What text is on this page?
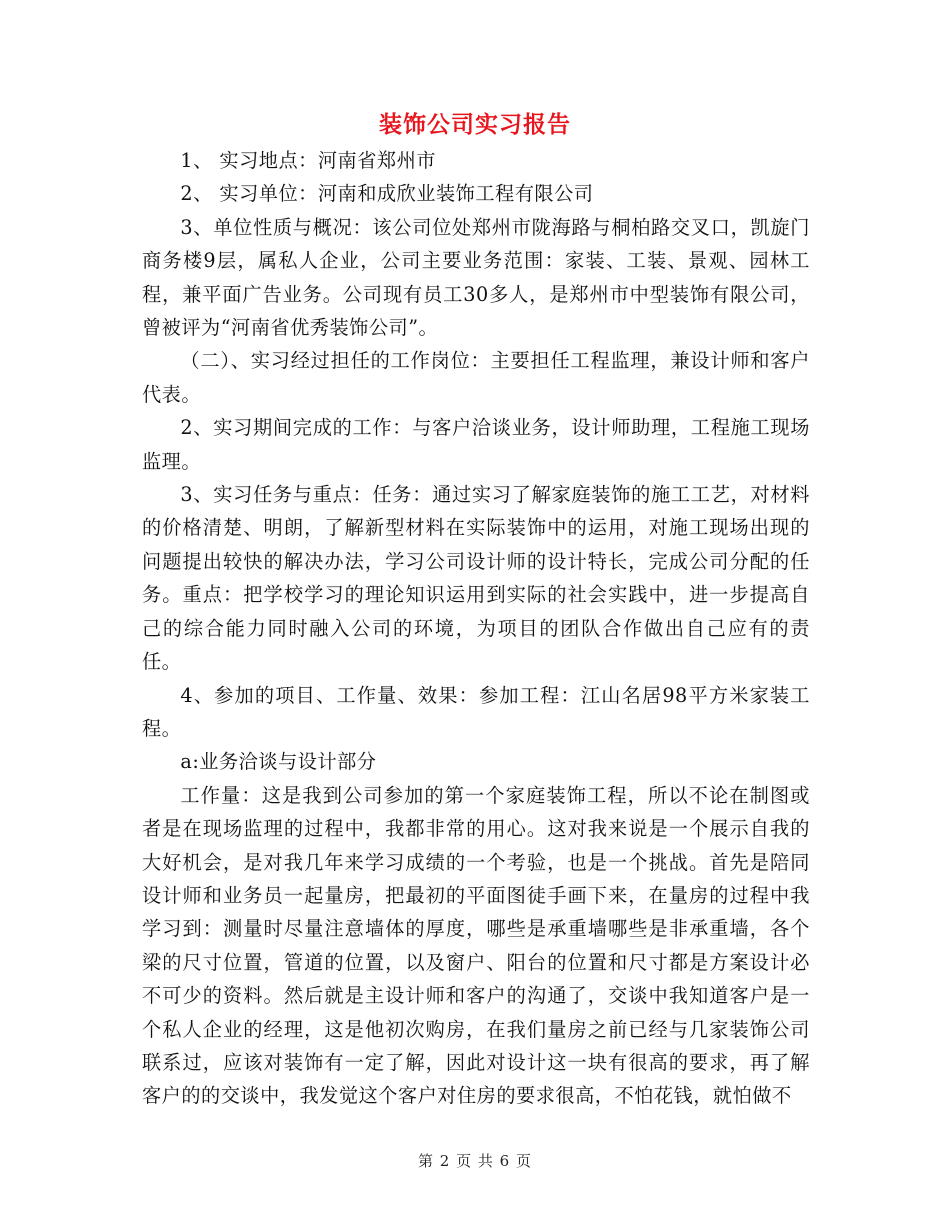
装饰公司实习报告

1、 实习地点：河南省郑州市

2、 实习单位：河南和成欣业装饰工程有限公司

3、单位性质与概况：该公司位处郑州市陇海路与桐柏路交叉口，凯旋门商务楼9层，属私人企业，公司主要业务范围：家装、工装、景观、园林工程，兼平面广告业务。公司现有员工30多人，是郑州市中型装饰有限公司，曾被评为“河南省优秀装饰公司”。

（二）、实习经过担任的工作岗位：主要担任工程监理，兼设计师和客户代表。

2、实习期间完成的工作：与客户洽谈业务，设计师助理，工程施工现场监理。

3、实习任务与重点：任务：通过实习了解家庭装饰的施工工艺，对材料的价格清楚、明朗，了解新型材料在实际装饰中的运用，对施工现场出现的问题提出较快的解决办法，学习公司设计师的设计特长，完成公司分配的任务。重点：把学校学习的理论知识运用到实际的社会实践中，进一步提高自己的综合能力同时融入公司的环境，为项目的团队合作做出自己应有的责任。

4、参加的项目、工作量、效果：参加工程：江山名居98平方米家装工程。

a:业务洽谈与设计部分

工作量：这是我到公司参加的第一个家庭装饰工程，所以不论在制图或者是在现场监理的过程中，我都非常的用心。这对我来说是一个展示自我的大好机会，是对我几年来学习成绩的一个考验，也是一个挑战。首先是陪同设计师和业务员一起量房，把最初的平面图徒手画下来，在量房的过程中我学习到：测量时尽量注意墙体的厚度，哪些是承重墙哪些是非承重墙，各个梁的尺寸位置，管道的位置，以及窗户、阳台的位置和尺寸都是方案设计必不可少的资料。然后就是主设计师和客户的沟通了，交谈中我知道客户是一个私人企业的经理，这是他初次购房，在我们量房之前已经与几家装饰公司联系过，应该对装饰有一定了解，因此对设计这一块有很高的要求，再了解客户的的交谈中，我发觉这个客户对住房的要求很高，不怕花钱，就怕做不

第 2 页 共 6 页
